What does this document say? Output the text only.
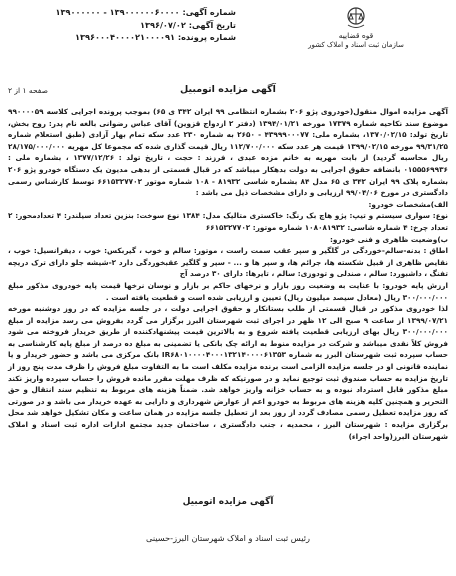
شماره آگهی: ۱۳۹۰۰۰۰۰۰۶۰۰۰۰ - ۱۳۹۰۰۰۰۰۰
تاریخ آگهی: ۱۳۹۶/۰۷/۰۲
شماره پرونده: ۱۳۹۶۰۰۰۴۰۰۰۰۲۱۰۰۰۰۹۱	قوه قضاییه
سازمان ثبت اسناد و املاک کشور
صفحه ۱ از ۲	آگهی مزایده اتومبیل

آگهی مزایده اموال منقول(خودروی پژو ۲۰۶ بشماره انتظامی ۹۹ ایران ۳۴۲ ی ۶۵) بموجب پرونده اجرایی کلاسه ۹۹۰۰۰۰۵۹ موضوع سند نکاحیه شماره ۱۷۳۷۹ مورخه ۱۳۹۴/۰۱/۲۱ (دفتر ۲ ازدواج قزوین) آقای عباس رضوانی بالغه نام پدر: روح بخش، تاریخ تولد: ۱۳۷۰/۰۲/۱۵، بشماره ملی: ۴۳۹۹۹۰۰۰۷۷ - ۲۶۵۰ به شماره ۲۳۰ عدد سکه تمام بهار آزادی (طبق استعلام شماره ۹۹/۳۱/۲۵ مورخه ۱۳۹۹/۰۲/۱۵ قیمت هر عدد سکه ۱۱۲/۷۰۰/۰۰۰ ریال قیمت گذاری شده که مجموعا کل مهریه ۲۸/۱۷۵/۰۰۰/۰۰۰ ریال محاسبه گردید) از بابت مهریه به خانم مزده عبدی ، فرزند : حجت ، تاریخ تولد : ۱۳۷۷/۱۲/۲۶ ، بشماره ملی : ۰۱۵۵۵۶۹۹۳۶ بانضافه حقوق اجرایی به دولت بدهکار میباشد که در قبال قسمتی از بدهی مدیون یک دستگاه خودرو پژو ۲۰۶ بشماره پلاک ۹۹ ایران ۳۴۲ ی ۶۵ مدل ۸۴ بشماره شاسی ۸۱۹۳۲ - ۱۰۸ شماره موتور ۶۶۱۵۳۲۷۷۰۲ توسط کارشناس رسمی دادگستری در مورخ ۹۹/۰۴/۰۶ ارزیابی و دارای مشخصات ذیل می باشد :

الف)مشخصات خودرو:

نوع: سواری سیستم و تیپ: پژو هاچ بک رنگ: خاکستری متالیک مدل: ۱۳۸۴ نوع سوخت: بنزین تعداد سیلندر: ۴ تعدادمحور: ۲ تعداد چرخ: ۴ شماره شاسی: ۱۰۸۰۸۱۹۳۲ شماره موتور: ۶۶۱۵۳۲۷۷۰۲

ب)وضعیت ظاهری و فنی خودرو:

اطاق : بدنه-سالم-خوردگی در گلگیر و سپر عقب سمت راست ، موتور: سالم و خوب ، گیربکس: خوب ، دیفرانسیل: خوب ، نقایص ظاهری از قبیل شکسته ها، جرائم ها، و سپر ها و ... - سپر و گلگیر عقبخوردگی دارد ۲-شیشه جلو دارای ترک دریچه تفنگ ، داشبورد: سالم ، صندلی و تودوزی: سالم ، تایرها: دارای ۳۰ درصد آج

ارزش پایه خودرو: با عنایت به وضعیت روز بازار و نرخهای حاکم بر بازار و نوسان نرخها قیمت پایه خودروی مذکور مبلغ ۳۰۰/۰۰۰/۰۰۰ ریال (معادل سیصد میلیون ریال) تعیین و ارزیابی شده است و قطعیت یافته است .

لذا خودروی مذکور در قبال قسمتی از طلب بستانکار و حقوق اجرایی دولت ، در جلسه مزایده که در روز دوشنبه مورخه ۱۳۹۹/۰۷/۲۱ از ساعت ۹ صبح الی ۱۲ ظهر در اجرای ثبت شهرستان البرز برگزار می گردد بفروش می رسد مزایده از مبلغ ۳۰۰/۰۰۰/۰۰۰ ریال بهای ارزیابی قطعیت یافته شروع و به بالاترین قیمت پیشنهادکننده از طریق خریدار فروخته می شود فروش کلاً نقدی میباشد و شرکت در مزایده منوط به ارائه چک بانکی یا تضمینی به مبلغ ده درصد از مبلغ پایه کارشناسی به حساب سپرده ثبت شهرستان البرز به شماره IR۶۸۰۱۰۰۰۰۴۰۰۰۱۳۲۱۴۰۰۰۰۶۱۳۵۳ بانک مرکزی می باشد و حضور خریدار و یا نماینده قانونی او در جلسه مزایده الزامی است برنده مزایده مکلف است ما به التفاوت مبلغ فروش را ظرف مدت پنج روز از تاریخ مزایده به حساب صندوق ثبت توجیع نماید و در صورتیکه که ظرف مهلت مقرر مانده فروش را حساب سپرده واریز نکند مبلغ مذکور قابل استرداد نبوده و به حساب خزانه واریز خواهد شد. ضمناً هزینه های مربوط به تنظیم سند انتقال و حق التحریر و همچنین کلیه هزینه های مربوط به خودرو اعم از عوارض شهرداری و دارایی به عهده خریدار می باشد و در صورتی که روز مزایده تعطیل رسمی مصادف گردد از روز بعد از تعطیل جلسه مزایده در همان ساعت و مکان تشکیل خواهد شد محل برگزاری مزایده : شهرستان البرز ، محمدیه ، جنب دادگستری ، ساختمان جدید مجتمع ادارات اداره ثبت اسناد و املاک شهرستان البرز(واحد اجراء)

آگهی مزایده اتومبیل
رئیس ثبت اسناد و املاک شهرستان البرز-حسینی
